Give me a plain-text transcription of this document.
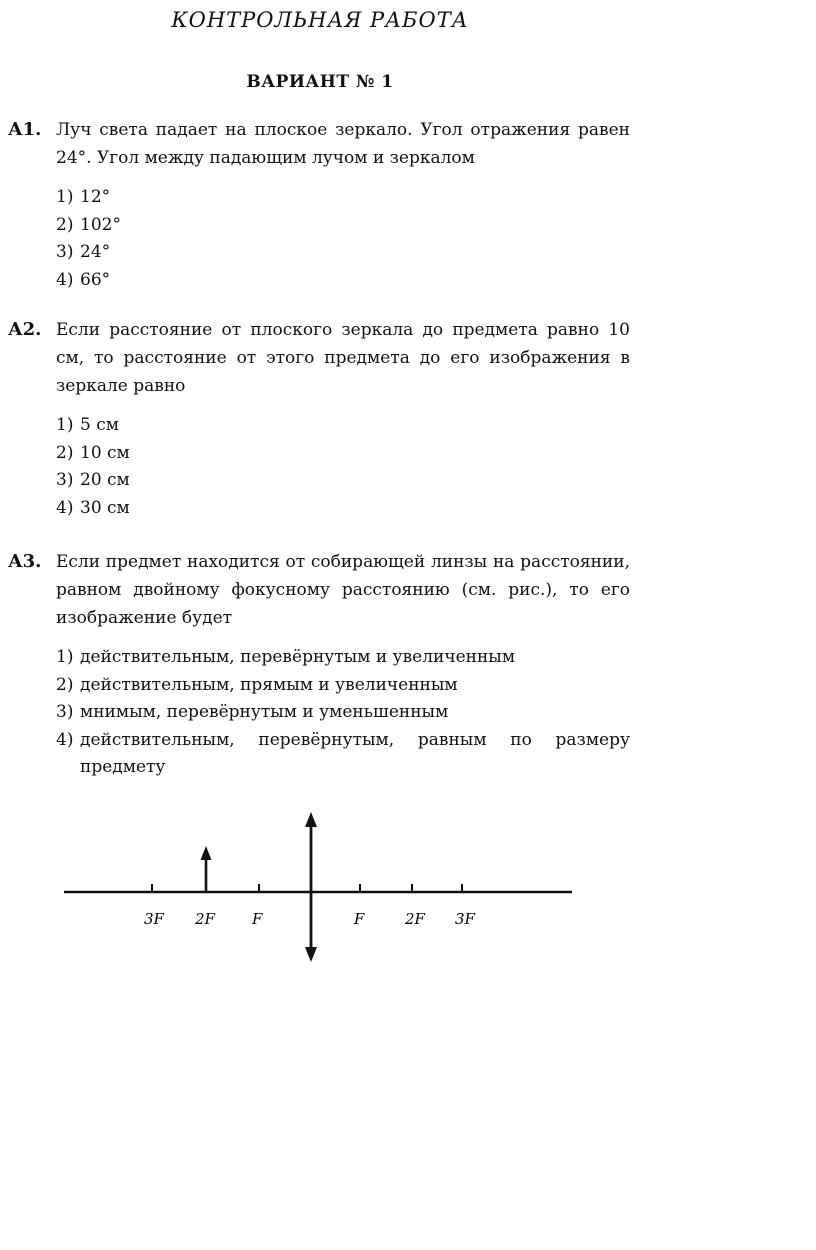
КОНТРОЛЬНАЯ РАБОТА
ВАРИАНТ № 1
А1. Луч света падает на плоское зеркало. Угол отражения равен 24°. Угол между падающим лучом и зеркалом
1) 12°
2) 102°
3) 24°
4) 66°
А2. Если расстояние от плоского зеркала до предмета равно 10 см, то расстояние от этого предмета до его изображения в зеркале равно
1) 5 см
2) 10 см
3) 20 см
4) 30 см
А3. Если предмет находится от собирающей линзы на расстоянии, равном двойному фокусному расстоянию (см. рис.), то его изображение будет
1) действительным, перевёрнутым и увеличенным
2) действительным, прямым и увеличенным
3) мнимым, перевёрнутым и уменьшенным
4) действительным, перевёрнутым, равным по размеру предмету
3F 2F F	F	2F 3F
